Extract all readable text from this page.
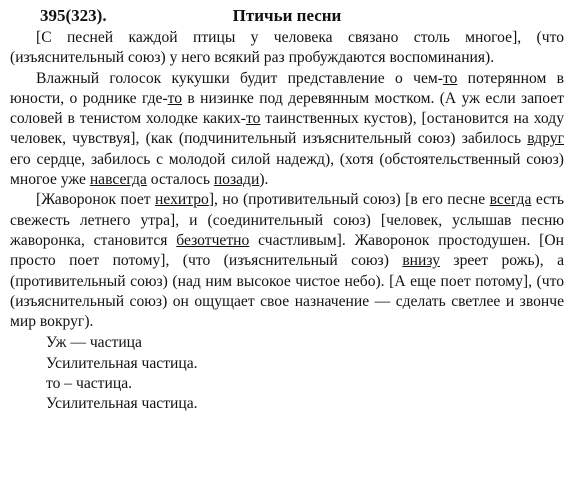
395(323).	Птичьи песни

[С песней каждой птицы у человека связано столь многое], (что (изъяснительный союз) у него всякий раз пробуждаются воспоминания).

Влажный голосок кукушки будит представление о чем-то потерянном в юности, о роднике где-то в низинке под деревянным мостком. (А уж если запоет соловей в тенистом холодке каких-то таинственных кустов), [остановится на ходу человек, чувствуя], (как (подчинительный изъяснительный союз) забилось вдруг его сердце, забилось с молодой силой надежд), (хотя (обстоятельственный союз) многое уже навсегда осталось позади).

[Жаворонок поет нехитро], но (противительный союз) [в его песне всегда есть свежесть летнего утра], и (соединительный союз) [человек, услышав песню жаворонка, становится безотчетно счастливым]. Жаворонок простодушен. [Он просто поет потому], (что (изъяснительный союз) внизу зреет рожь), а (противительный союз) (над ним высокое чистое небо). [А еще поет потому], (что (изъяснительный союз) он ощущает свое назначение — сделать светлее и звонче мир вокруг).

Уж — частица

Усилительная частица.

то – частица.

Усилительная частица.
